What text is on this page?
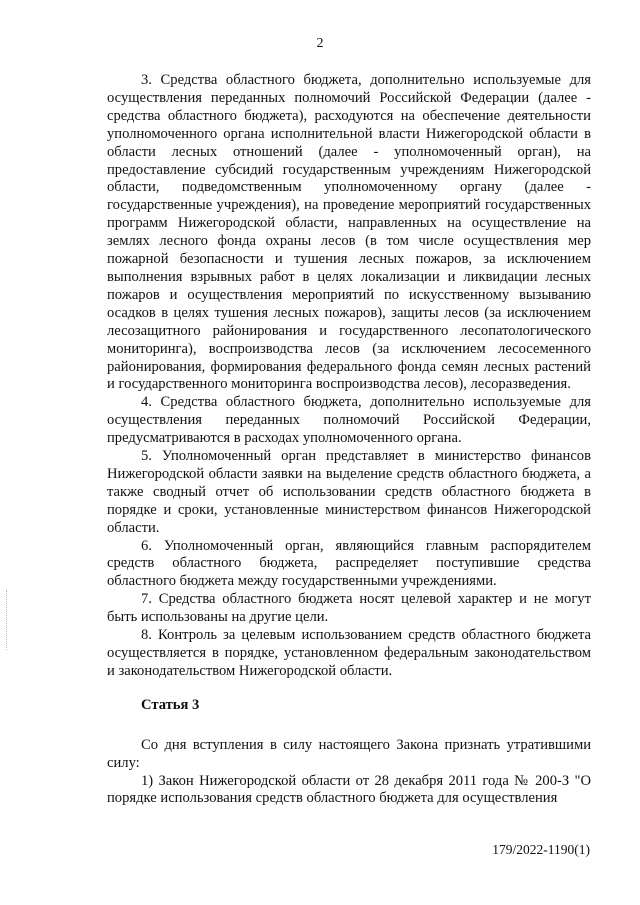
2

3. Средства областного бюджета, дополнительно используемые для осуществления переданных полномочий Российской Федерации (далее - средства областного бюджета), расходуются на обеспечение деятельности уполномоченного органа исполнительной власти Нижегородской области в области лесных отношений (далее - уполномоченный орган), на предоставление субсидий государственным учреждениям Нижегородской области, подведомственным уполномоченному органу (далее - государственные учреждения), на проведение мероприятий государственных программ Нижегородской области, направленных на осуществление на землях лесного фонда охраны лесов (в том числе осуществления мер пожарной безопасности и тушения лесных пожаров, за исключением выполнения взрывных работ в целях локализации и ликвидации лесных пожаров и осуществления мероприятий по искусственному вызыванию осадков в целях тушения лесных пожаров), защиты лесов (за исключением лесозащитного районирования и государственного лесопатологического мониторинга), воспроизводства лесов (за исключением лесосеменного районирования, формирования федерального фонда семян лесных растений и государственного мониторинга воспроизводства лесов), лесоразведения.

4. Средства областного бюджета, дополнительно используемые для осуществления переданных полномочий Российской Федерации, предусматриваются в расходах уполномоченного органа.

5. Уполномоченный орган представляет в министерство финансов Нижегородской области заявки на выделение средств областного бюджета, а также сводный отчет об использовании средств областного бюджета в порядке и сроки, установленные министерством финансов Нижегородской области.

6. Уполномоченный орган, являющийся главным распорядителем средств областного бюджета, распределяет поступившие средства областного бюджета между государственными учреждениями.

7. Средства областного бюджета носят целевой характер и не могут быть использованы на другие цели.

8. Контроль за целевым использованием средств областного бюджета осуществляется в порядке, установленном федеральным законодательством и законодательством Нижегородской области.

Статья 3

Со дня вступления в силу настоящего Закона признать утратившими силу:

1) Закон Нижегородской области от 28 декабря 2011 года № 200-З "О порядке использования средств областного бюджета для осуществления

179/2022-1190(1)
